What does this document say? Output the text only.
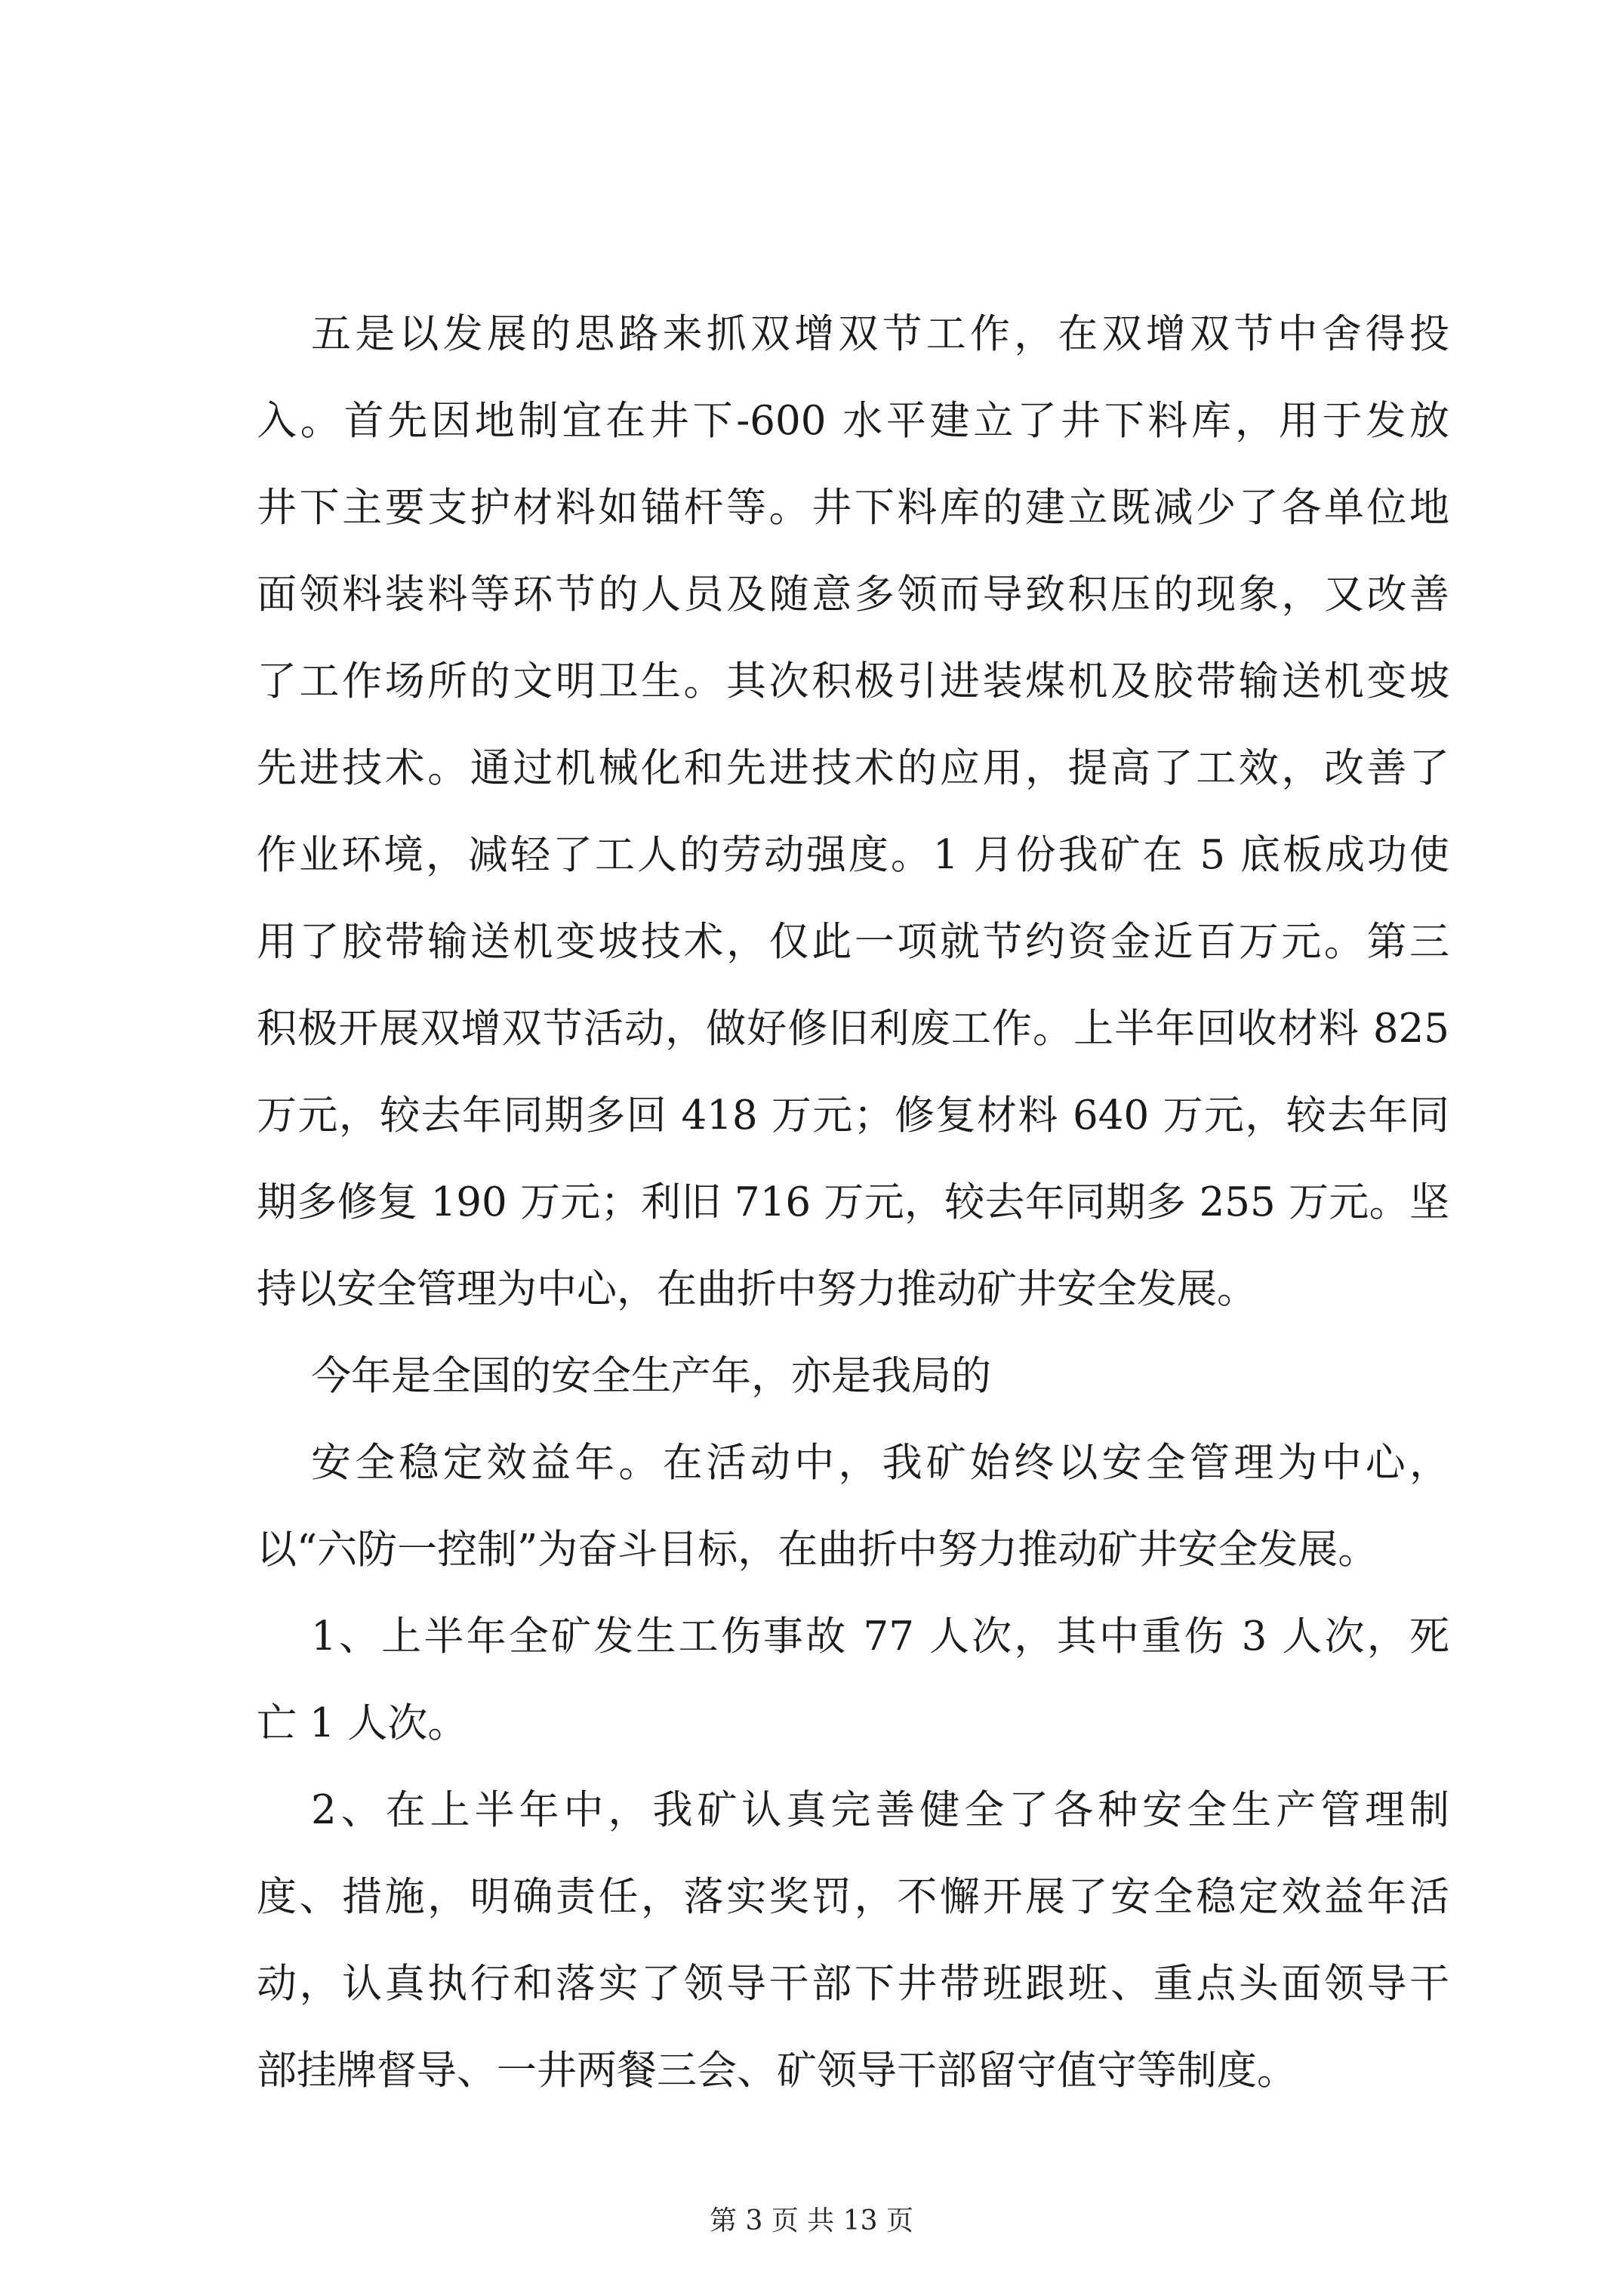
五是以发展的思路来抓双增双节工作，在双增双节中舍得投
入。首先因地制宜在井下-600 水平建立了井下料库，用于发放
井下主要支护材料如锚杆等。井下料库的建立既减少了各单位地
面领料装料等环节的人员及随意多领而导致积压的现象，又改善
了工作场所的文明卫生。其次积极引进装煤机及胶带输送机变坡
先进技术。通过机械化和先进技术的应用，提高了工效，改善了
作业环境，减轻了工人的劳动强度。1 月份我矿在 5 底板成功使
用了胶带输送机变坡技术，仅此一项就节约资金近百万元。第三
积极开展双增双节活动，做好修旧利废工作。上半年回收材料 825
万元，较去年同期多回 418 万元；修复材料 640 万元，较去年同
期多修复 190 万元；利旧 716 万元，较去年同期多 255 万元。坚
持以安全管理为中心，在曲折中努力推动矿井安全发展。

今年是全国的安全生产年，亦是我局的

安全稳定效益年。在活动中，我矿始终以安全管理为中心，
以“六防一控制”为奋斗目标，在曲折中努力推动矿井安全发展。

1、上半年全矿发生工伤事故 77 人次，其中重伤 3 人次，死
亡 1 人次。

2、在上半年中，我矿认真完善健全了各种安全生产管理制
度、措施，明确责任，落实奖罚，不懈开展了安全稳定效益年活
动，认真执行和落实了领导干部下井带班跟班、重点头面领导干
部挂牌督导、一井两餐三会、矿领导干部留守值守等制度。

第 3 页 共 13 页
